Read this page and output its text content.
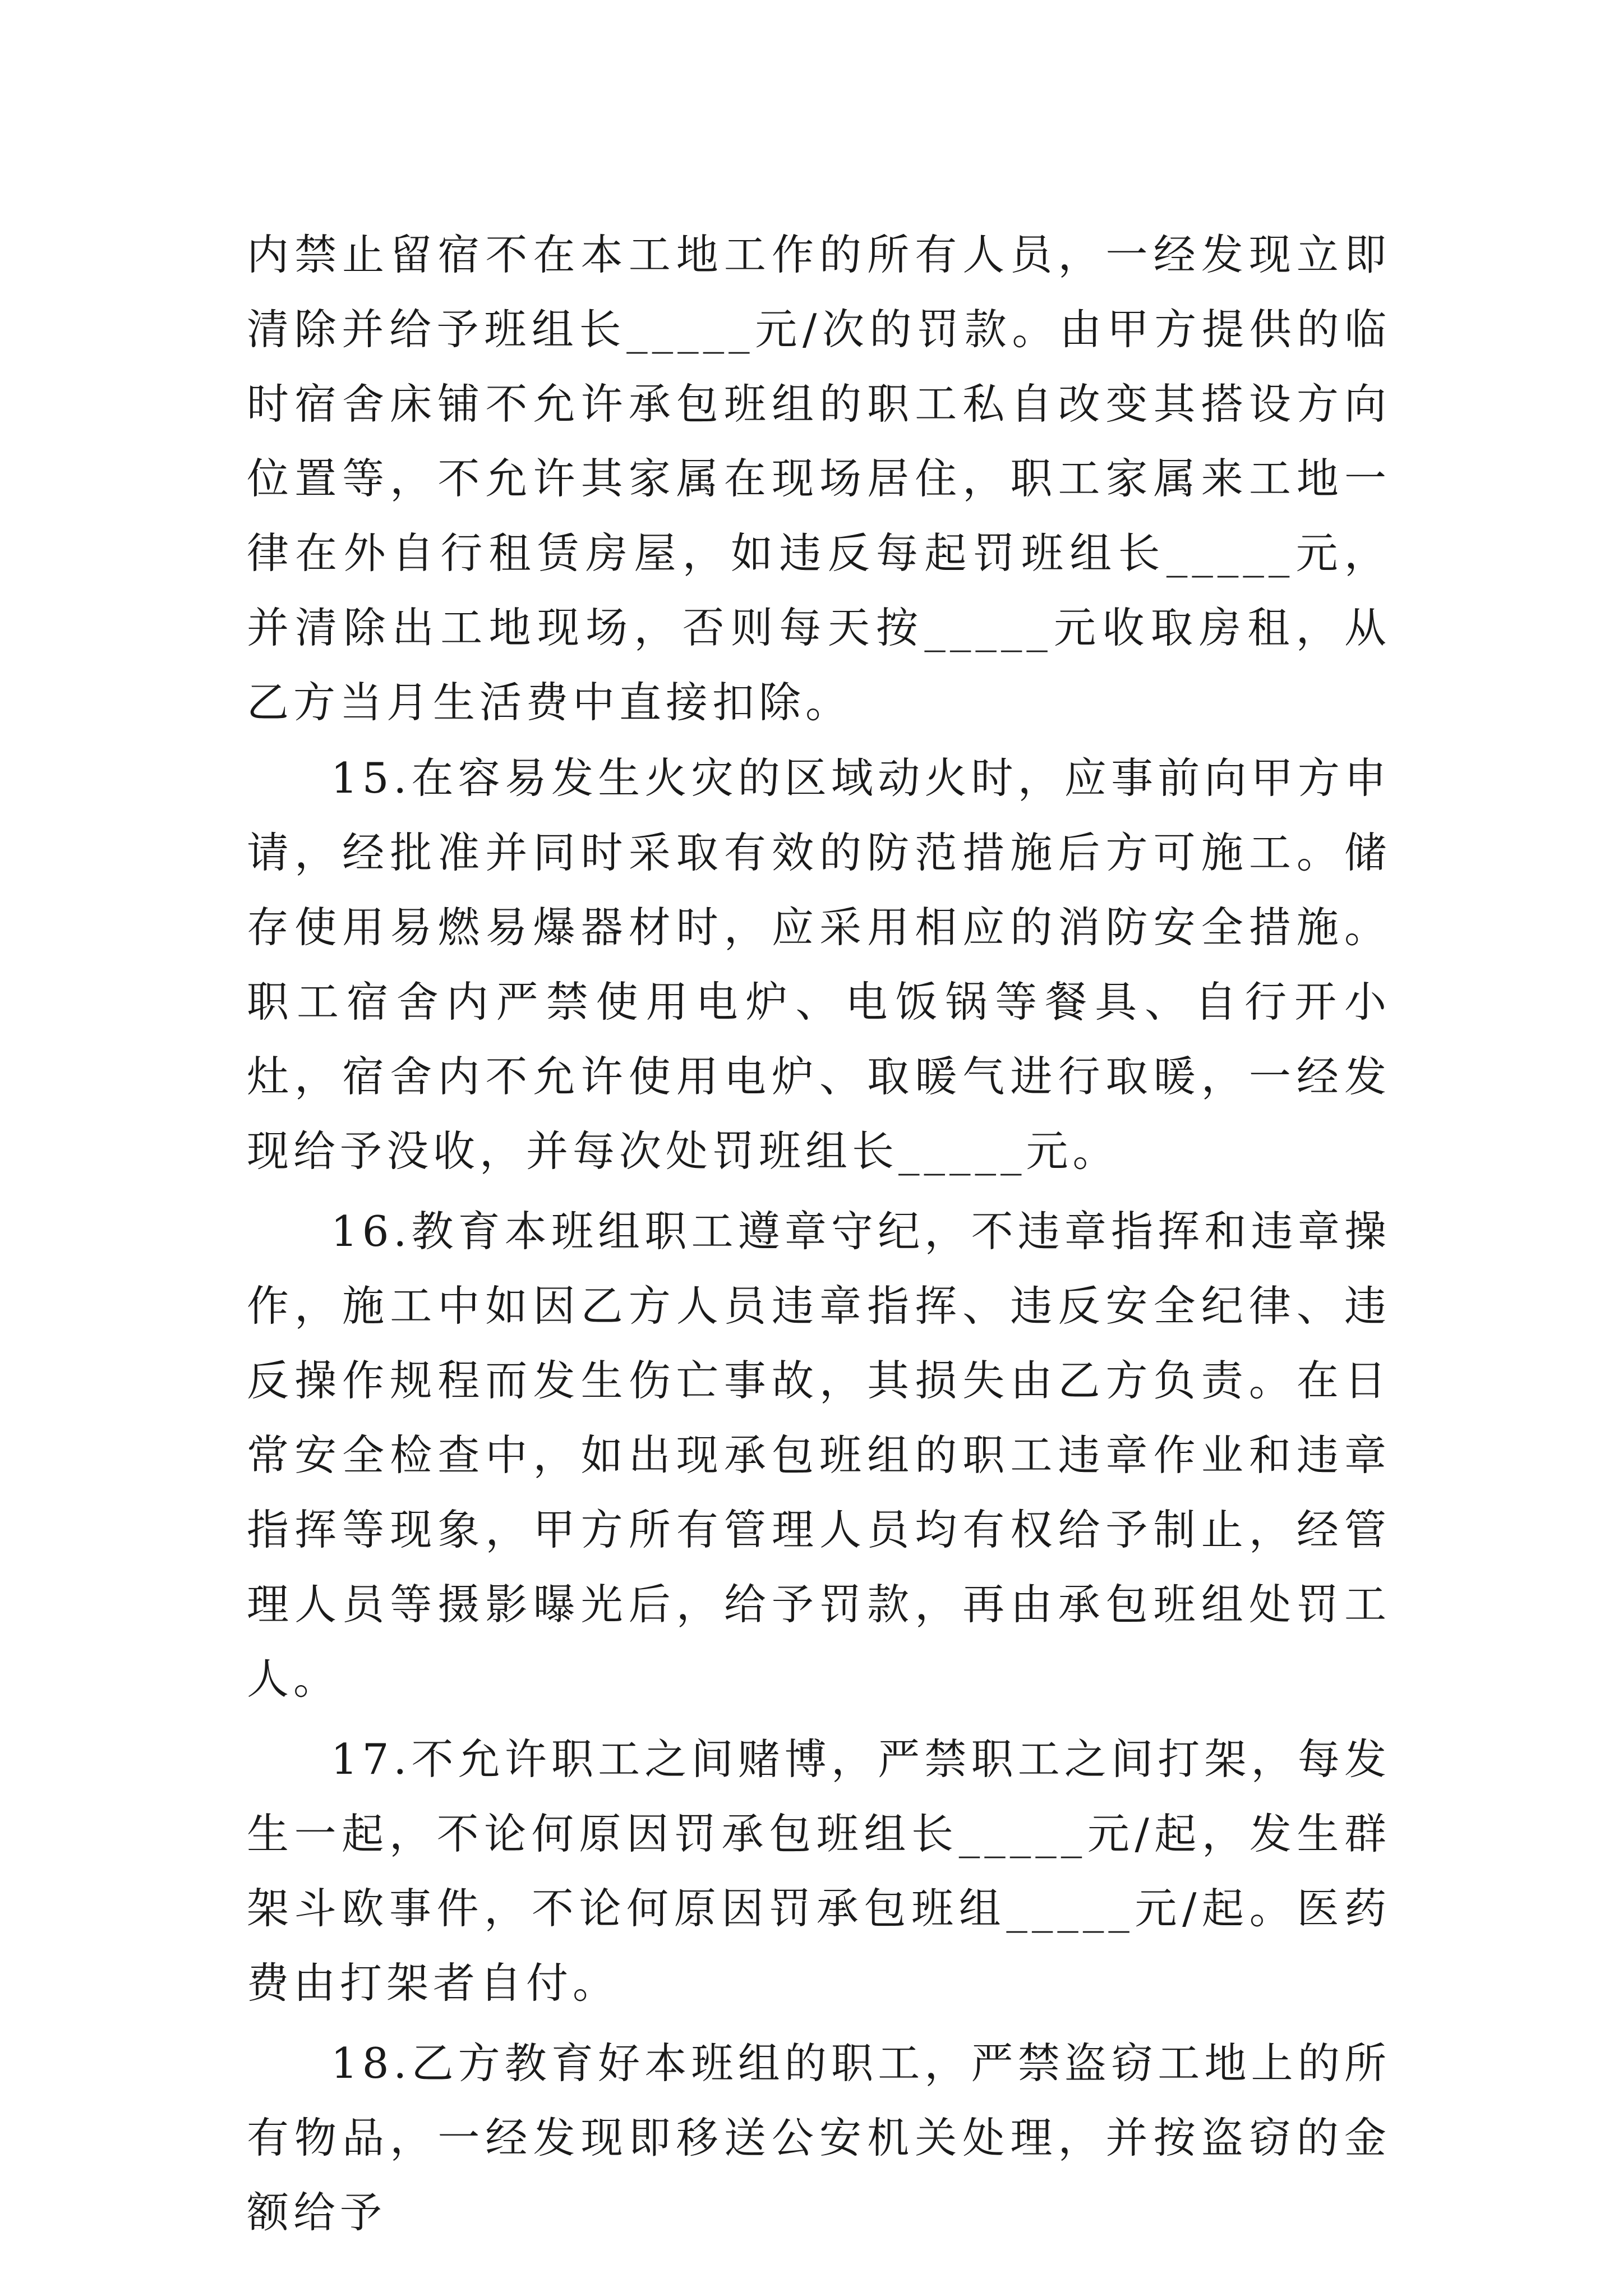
内禁止留宿不在本工地工作的所有人员，一经发现立即清除并给予班组长_____元/次的罚款。由甲方提供的临时宿舍床铺不允许承包班组的职工私自改变其搭设方向位置等，不允许其家属在现场居住，职工家属来工地一律在外自行租赁房屋，如违反每起罚班组长_____元，并清除出工地现场，否则每天按_____元收取房租，从乙方当月生活费中直接扣除。

15.在容易发生火灾的区域动火时，应事前向甲方申请，经批准并同时采取有效的防范措施后方可施工。储存使用易燃易爆器材时，应采用相应的消防安全措施。职工宿舍内严禁使用电炉、电饭锅等餐具、自行开小灶，宿舍内不允许使用电炉、取暖气进行取暖，一经发现给予没收，并每次处罚班组长_____元。

16.教育本班组职工遵章守纪，不违章指挥和违章操作，施工中如因乙方人员违章指挥、违反安全纪律、违反操作规程而发生伤亡事故，其损失由乙方负责。在日常安全检查中，如出现承包班组的职工违章作业和违章指挥等现象，甲方所有管理人员均有权给予制止，经管理人员等摄影曝光后，给予罚款，再由承包班组处罚工人。

17.不允许职工之间赌博，严禁职工之间打架，每发生一起，不论何原因罚承包班组长_____元/起，发生群架斗欧事件，不论何原因罚承包班组_____元/起。医药费由打架者自付。

18.乙方教育好本班组的职工，严禁盗窃工地上的所有物品，一经发现即移送公安机关处理，并按盗窃的金额给予
